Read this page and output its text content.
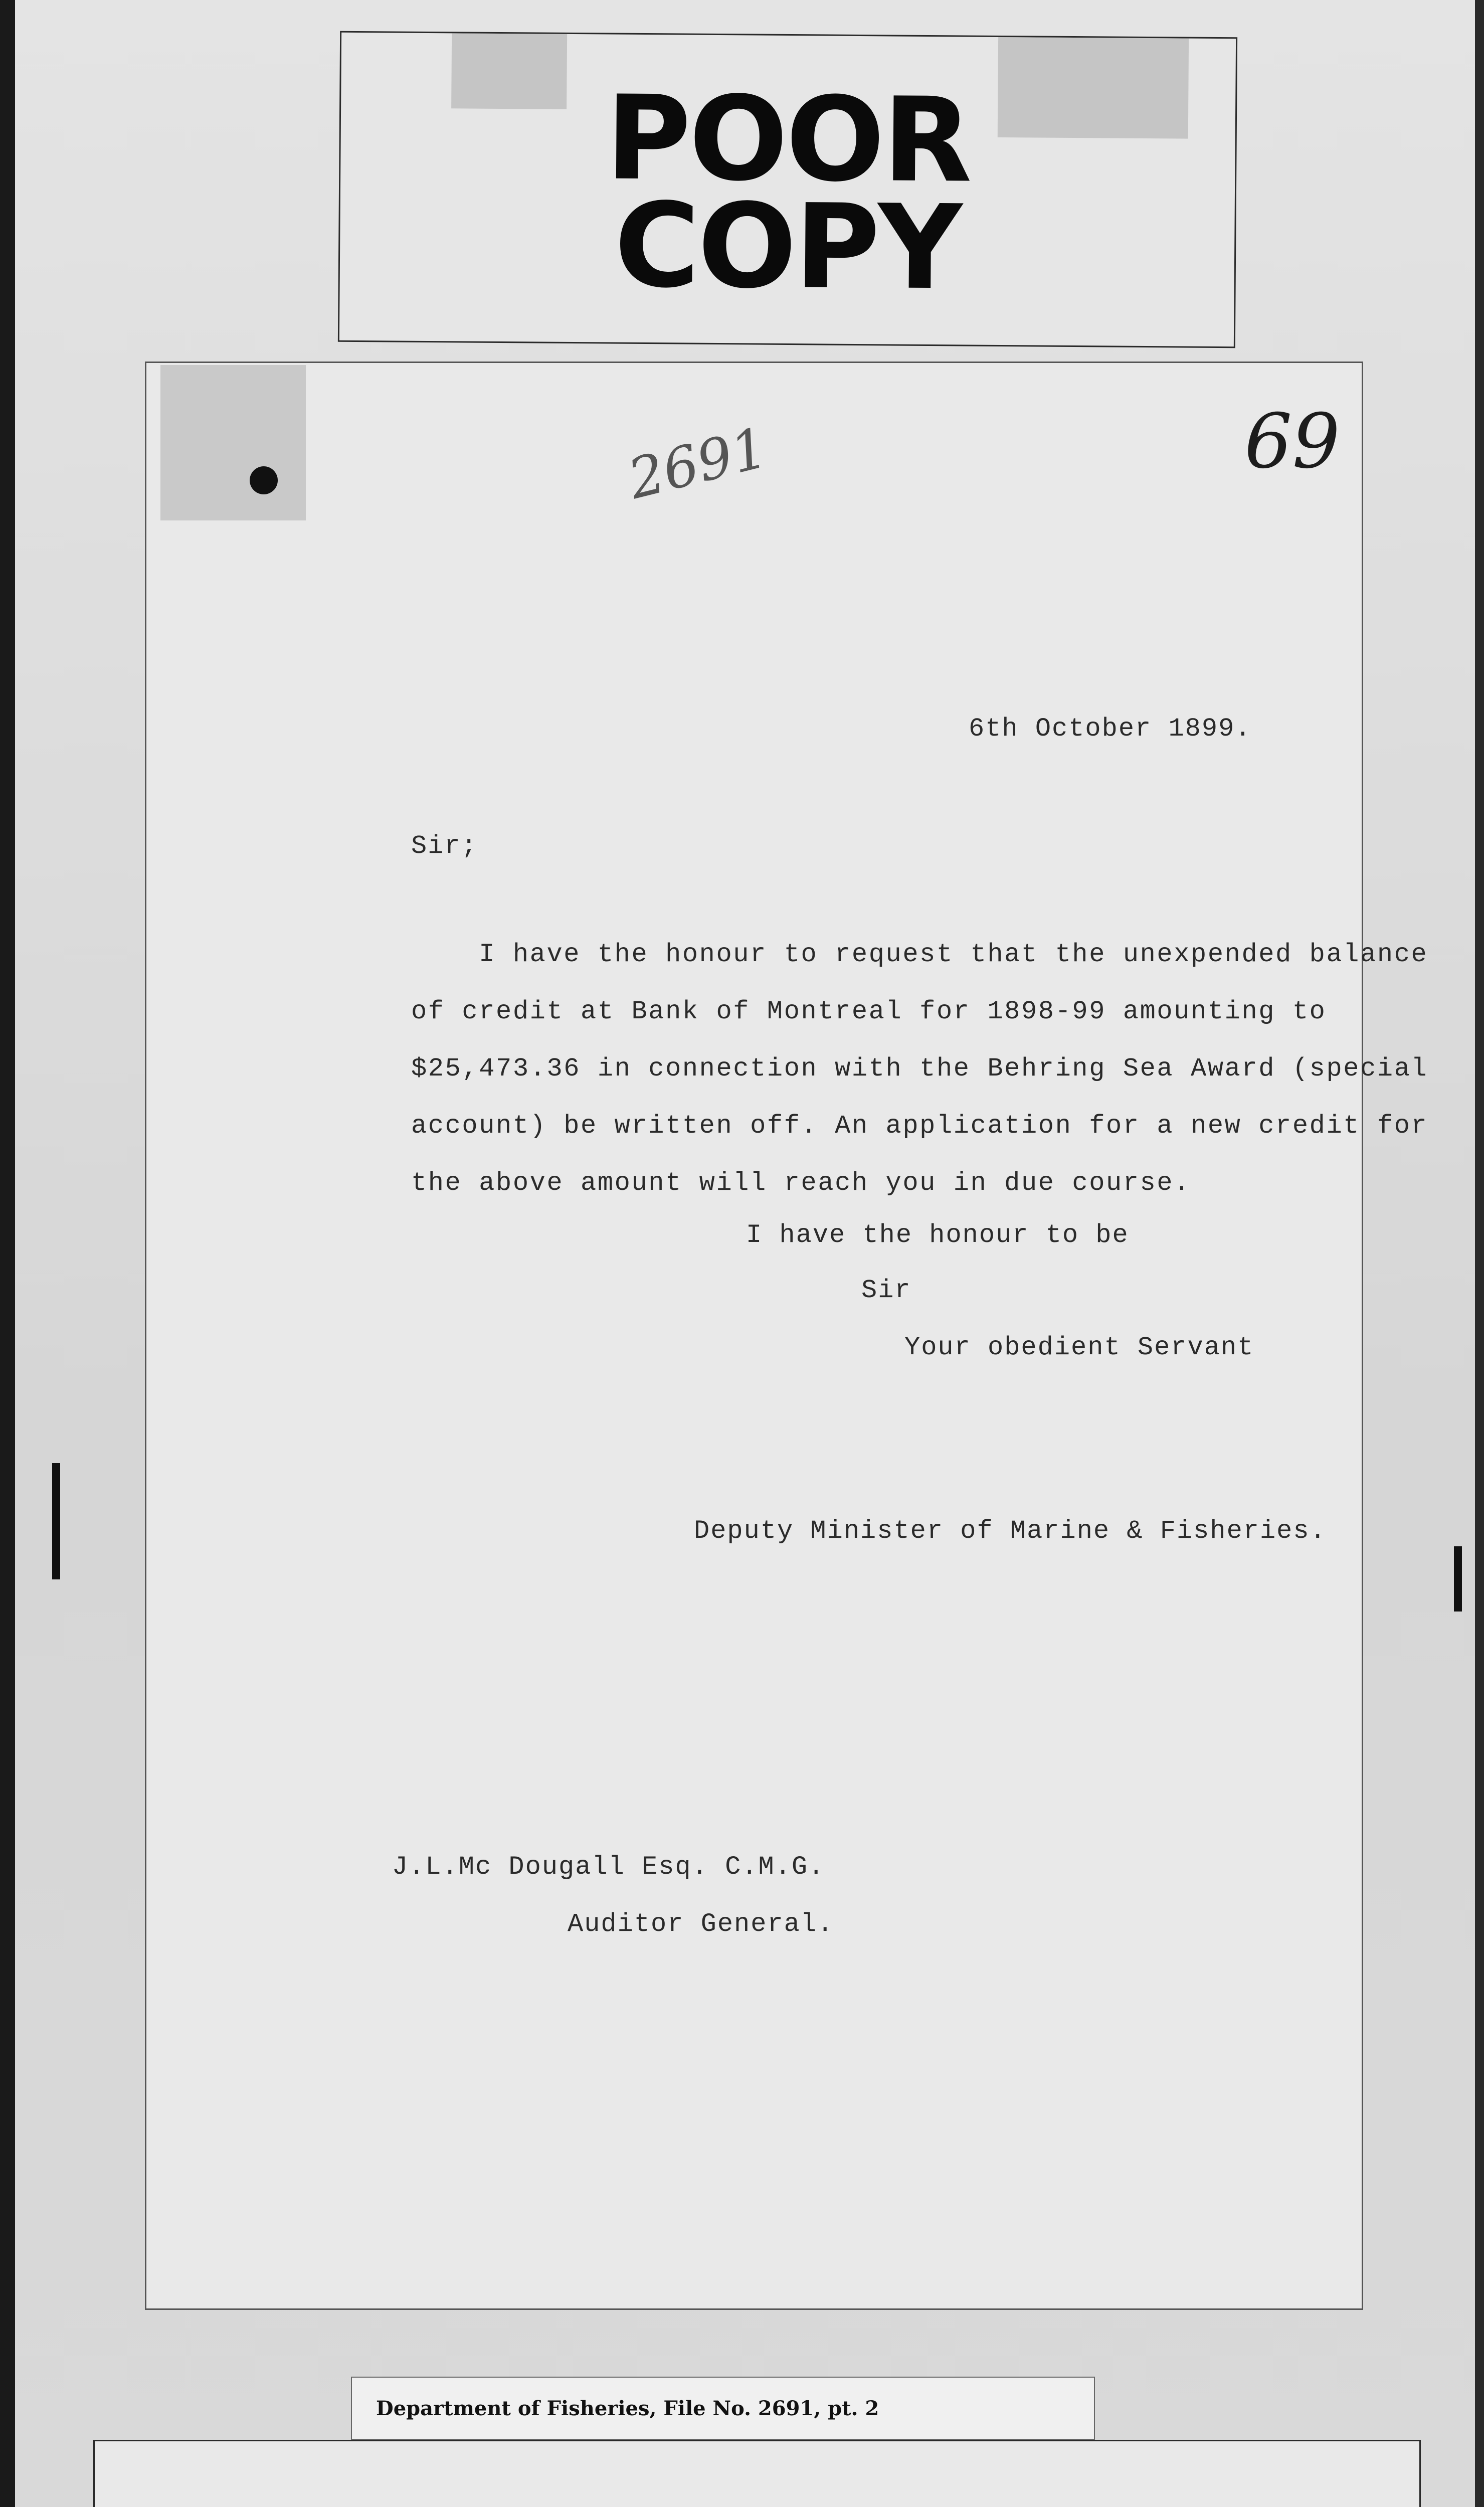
POOR
COPY
2691	69
6th October 1899.
Sir;
I have the honour to request that the unexpended balance
of credit at Bank of Montreal for 1898-99 amounting to
$25,473.36 in connection with the Behring Sea Award (special
account) be written off. An application for a new credit for
the above amount will reach you in due course.
I have the honour to be
Sir
Your obedient Servant
Deputy Minister of Marine & Fisheries.
J.L.Mc Dougall Esq. C.M.G.
Auditor General.
Department of Fisheries, File No. 2691, pt. 2
